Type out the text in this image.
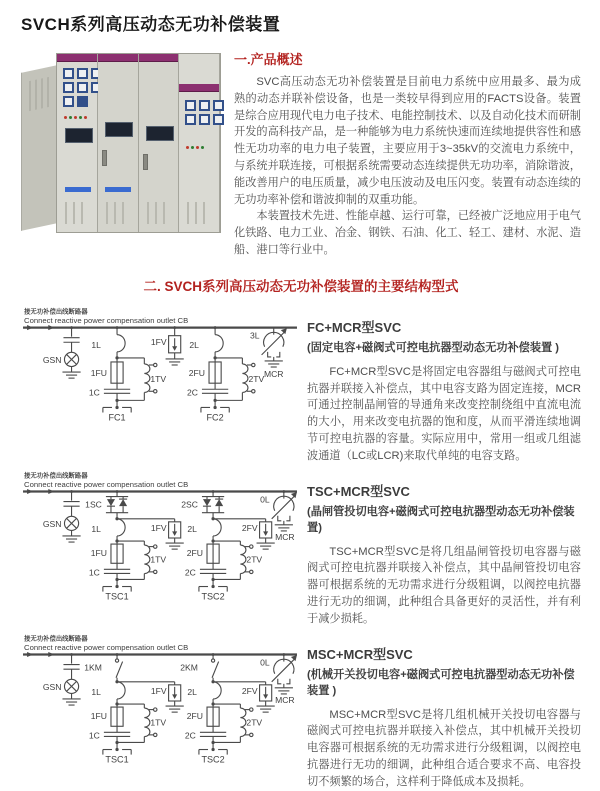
SVCH系列高压动态无功补偿装置
一.产品概述

SVC高压动态无功补偿装置是目前电力系统中应用最多、最为成熟的动态并联补偿设备，也是一类较早得到应用的FACTS设备。装置是综合应用现代电力电子技术、电能控制技术、以及自动化技术而研制开发的高科技产品，是一种能够为电力系统快速而连续地提供容性和感性无功功率的电力电子装置，主要应用于3~35kV的交流电力系统中，与系统并联连接，可根据系统需要动态连续提供无功功率，消除谐波，能改善用户的电压质量，减少电压波动及电压闪变。装置有动态连续的无功功率补偿和谐波抑制的双重功能。

本装置技术先进、性能卓越、运行可靠，已经被广泛地应用于电气化铁路、电力工业、冶金、钢铁、石油、化工、轻工、建材、水泥、造船、港口等行业中。

二. SVCH系列高压动态无功补偿装置的主要结构型式
接无功补偿出线断路器
Connect reactive power compensation outlet CB
GSN
1L
1FU
1C
FC1
1TV
1FV	2L
2FU
2C
FC2
2TV
3L
MCR

FC+MCR型SVC

(固定电容+磁阀式可控电抗器型动态无功补偿装置 )

FC+MCR型SVC是将固定电容器组与磁阀式可控电抗器并联接入补偿点，其中电容支路为固定连接，MCR可通过控制晶闸管的导通角来改变控制绕组中直流电流的大小，用来改变电抗器的饱和度，从而平滑连续地调节可控电抗器的容量。实际应用中，常用一组或几组滤波通道（LC或LCR)来取代单纯的电容支路。

接无功补偿出线断路器
Connect reactive power compensation outlet CB
GSN
1SC
1L
1FU
1C
TSC1
1TV
1FV
2SC
2L
2FU
2C
TSC2
2TV
2FV
0L
MCR

TSC+MCR型SVC

(晶闸管投切电容+磁阀式可控电抗器型动态无功补偿装置)

TSC+MCR型SVC是将几组晶闸管投切电容器与磁阀式可控电抗器并联接入补偿点，其中晶闸管投切电容器可根据系统的无功需求进行分级粗调，以阀控电抗器进行无功的细调，此种组合具备更好的灵活性，并有利于减少损耗。

接无功补偿出线断路器
Connect reactive power compensation outlet CB
GSN
1KM
1L
1FU
1C
TSC1
1TV
1FV
2KM
2L
2FU
2C
TSC2
2TV
2FV
0L
MCR

MSC+MCR型SVC

(机械开关投切电容+磁阀式可控电抗器型动态无功补偿装置 )

MSC+MCR型SVC是将几组机械开关投切电容器与磁阀式可控电抗器并联接入补偿点，其中机械开关投切电容器可根据系统的无功需求进行分级粗调，以阀控电抗器进行无功的细调，此种组合适合要求不高、电容投切不频繁的场合，这样利于降低成本及损耗。
